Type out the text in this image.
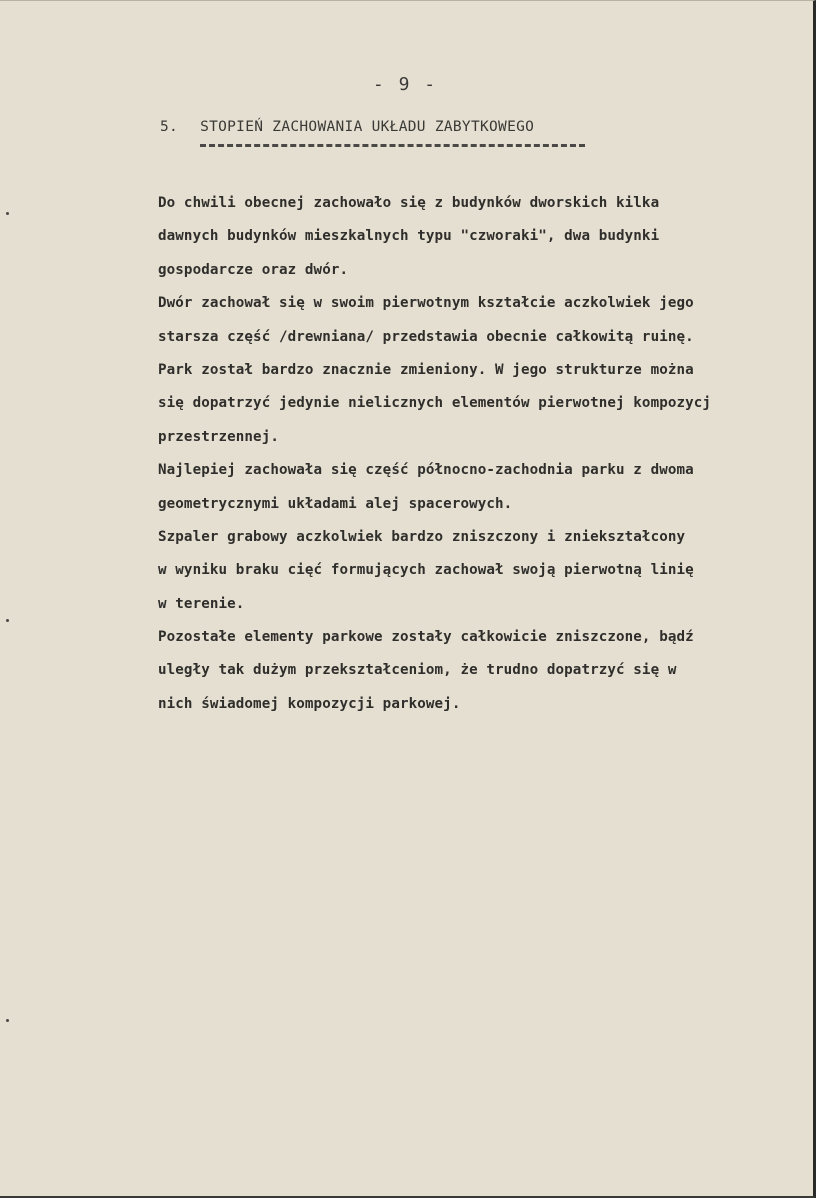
- 9 -
5. STOPIEŃ ZACHOWANIA UKŁADU ZABYTKOWEGO
Do chwili obecnej zachowało się z budynków dworskich kilka
dawnych budynków mieszkalnych typu "czworaki", dwa budynki
gospodarcze oraz dwór.
Dwór zachował się w swoim pierwotnym kształcie aczkolwiek jego
starsza część /drewniana/ przedstawia obecnie całkowitą ruinę.
Park został bardzo znacznie zmieniony. W jego strukturze można
się dopatrzyć jedynie nielicznych elementów pierwotnej kompozycj
przestrzennej.
Najlepiej zachowała się część północno-zachodnia parku z dwoma
geometrycznymi układami alej spacerowych.
Szpaler grabowy aczkolwiek bardzo zniszczony i zniekształcony
w wyniku braku cięć formujących zachował swoją pierwotną linię
w terenie.
Pozostałe elementy parkowe zostały całkowicie zniszczone, bądź
uległy tak dużym przekształceniom, że trudno dopatrzyć się w
nich świadomej kompozycji parkowej.
